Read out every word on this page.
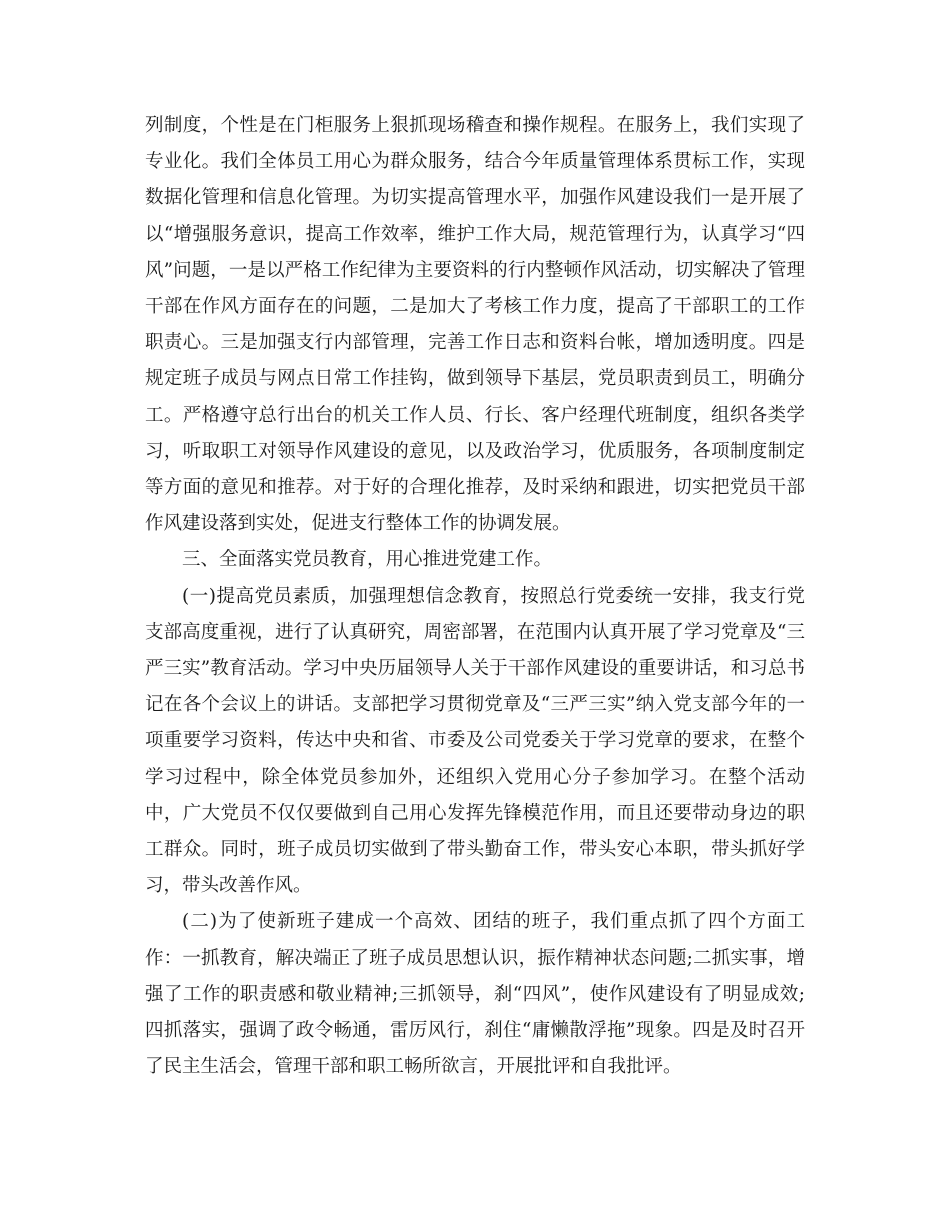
列制度，个性是在门柜服务上狠抓现场稽查和操作规程。在服务上，我们实现了专业化。我们全体员工用心为群众服务，结合今年质量管理体系贯标工作，实现数据化管理和信息化管理。为切实提高管理水平，加强作风建设我们一是开展了以“增强服务意识，提高工作效率，维护工作大局，规范管理行为，认真学习“四风”问题，一是以严格工作纪律为主要资料的行内整顿作风活动，切实解决了管理干部在作风方面存在的问题，二是加大了考核工作力度，提高了干部职工的工作职责心。三是加强支行内部管理，完善工作日志和资料台帐，增加透明度。四是规定班子成员与网点日常工作挂钩，做到领导下基层，党员职责到员工，明确分工。严格遵守总行出台的机关工作人员、行长、客户经理代班制度，组织各类学习，听取职工对领导作风建设的意见，以及政治学习，优质服务，各项制度制定等方面的意见和推荐。对于好的合理化推荐，及时采纳和跟进，切实把党员干部作风建设落到实处，促进支行整体工作的协调发展。

三、全面落实党员教育，用心推进党建工作。

(一)提高党员素质，加强理想信念教育，按照总行党委统一安排，我支行党支部高度重视，进行了认真研究，周密部署，在范围内认真开展了学习党章及“三严三实”教育活动。学习中央历届领导人关于干部作风建设的重要讲话，和习总书记在各个会议上的讲话。支部把学习贯彻党章及“三严三实”纳入党支部今年的一项重要学习资料，传达中央和省、市委及公司党委关于学习党章的要求，在整个学习过程中，除全体党员参加外，还组织入党用心分子参加学习。在整个活动中，广大党员不仅仅要做到自己用心发挥先锋模范作用，而且还要带动身边的职工群众。同时，班子成员切实做到了带头勤奋工作，带头安心本职，带头抓好学习，带头改善作风。

(二)为了使新班子建成一个高效、团结的班子，我们重点抓了四个方面工作：一抓教育，解决端正了班子成员思想认识，振作精神状态问题;二抓实事，增强了工作的职责感和敬业精神;三抓领导，刹“四风”，使作风建设有了明显成效;四抓落实，强调了政令畅通，雷厉风行，刹住“庸懒散浮拖”现象。四是及时召开了民主生活会，管理干部和职工畅所欲言，开展批评和自我批评。
